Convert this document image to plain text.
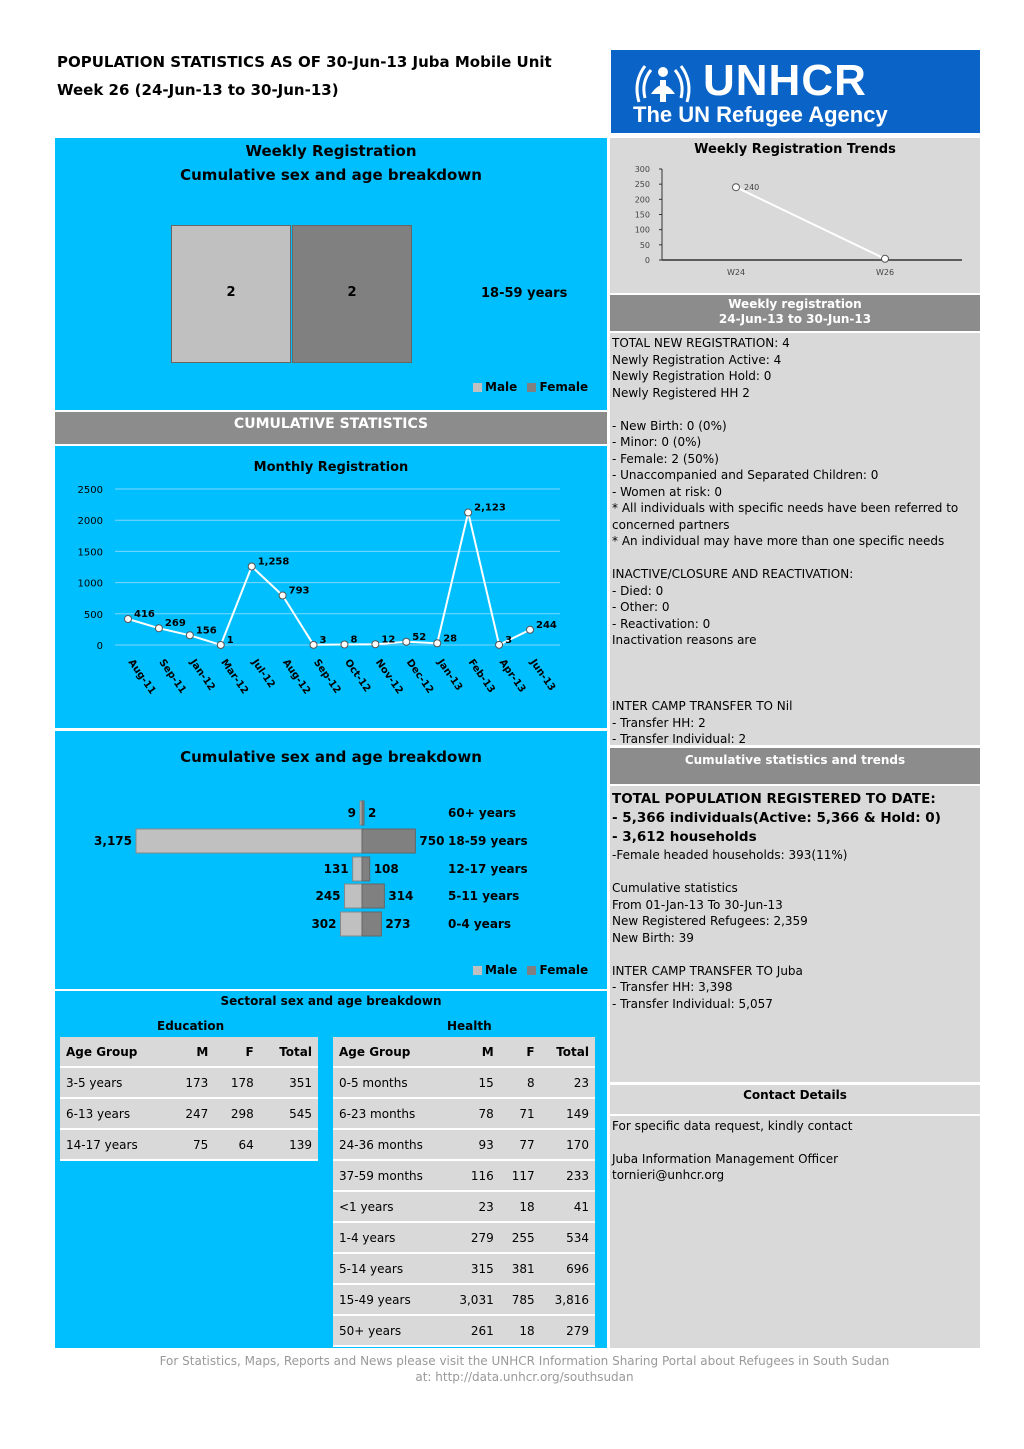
POPULATION STATISTICS AS OF 30-Jun-13 Juba Mobile Unit
Week 26 (24-Jun-13 to 30-Jun-13)	UNHCR
The UN Refugee Agency
Weekly Registration
Cumulative sex and age breakdown
2	2	18-59 years
Male Female
CUMULATIVE STATISTICS
Monthly Registration
2500
2000
1500
1000
500
0
416
Aug-11
269
Sep-11
156
Jan-12
1
Mar-12
1,258
Jul-12
793
Aug-12
3
Sep-12
8
Oct-12
12
Nov-12
52
Dec-12
28
Jan-13
2,123
Feb-13
3
Apr-13
244
Jun-13
Cumulative sex and age breakdown
9 2	60+ years
3,175	750 18-59 years
131 108	12-17 years
245	314	5-11 years
302	273	0-4 years
Male Female
Sectoral sex and age breakdown
Education	Health
Age Group	M	F	Total
3-5 years	173	178	351
6-13 years	247	298	545
14-17 years	75	64	139
Age Group	M	F	Total
0-5 months	15	8	23
6-23 months	78	71	149
24-36 months	93	77	170
37-59 months	116	117	233
<1 years	23	18	41
1-4 years	279	255	534
5-14 years	315	381	696
15-49 years	3,031	785	3,816
50+ years	261	18	279
Weekly Registration Trends
300
250
200
150
100
50
0
240
W24	W26
Weekly registration
24-Jun-13 to 30-Jun-13
TOTAL NEW REGISTRATION: 4
Newly Registration Active: 4
Newly Registration Hold: 0
Newly Registered HH 2
- New Birth: 0 (0%)
- Minor: 0 (0%)
- Female: 2 (50%)
- Unaccompanied and Separated Children: 0
- Women at risk: 0
* All individuals with specific needs have been referred to concerned partners
* An individual may have more than one specific needs
INACTIVE/CLOSURE AND REACTIVATION:
- Died: 0
- Other: 0
- Reactivation: 0
Inactivation reasons are
INTER CAMP TRANSFER TO Nil
- Transfer HH: 2
- Transfer Individual: 2
Cumulative statistics and trends
TOTAL POPULATION REGISTERED TO DATE:
- 5,366 individuals(Active: 5,366 & Hold: 0)
- 3,612 households
-Female headed households: 393(11%)
Cumulative statistics
From 01-Jan-13 To 30-Jun-13
New Registered Refugees: 2,359
New Birth: 39
INTER CAMP TRANSFER TO Juba
- Transfer HH: 3,398
- Transfer Individual: 5,057
Contact Details

For specific data request, kindly contact

Juba Information Management Officer

tornieri@unhcr.org

For Statistics, Maps, Reports and News please visit the UNHCR Information Sharing Portal about Refugees in South Sudan
at: http://data.unhcr.org/southsudan
